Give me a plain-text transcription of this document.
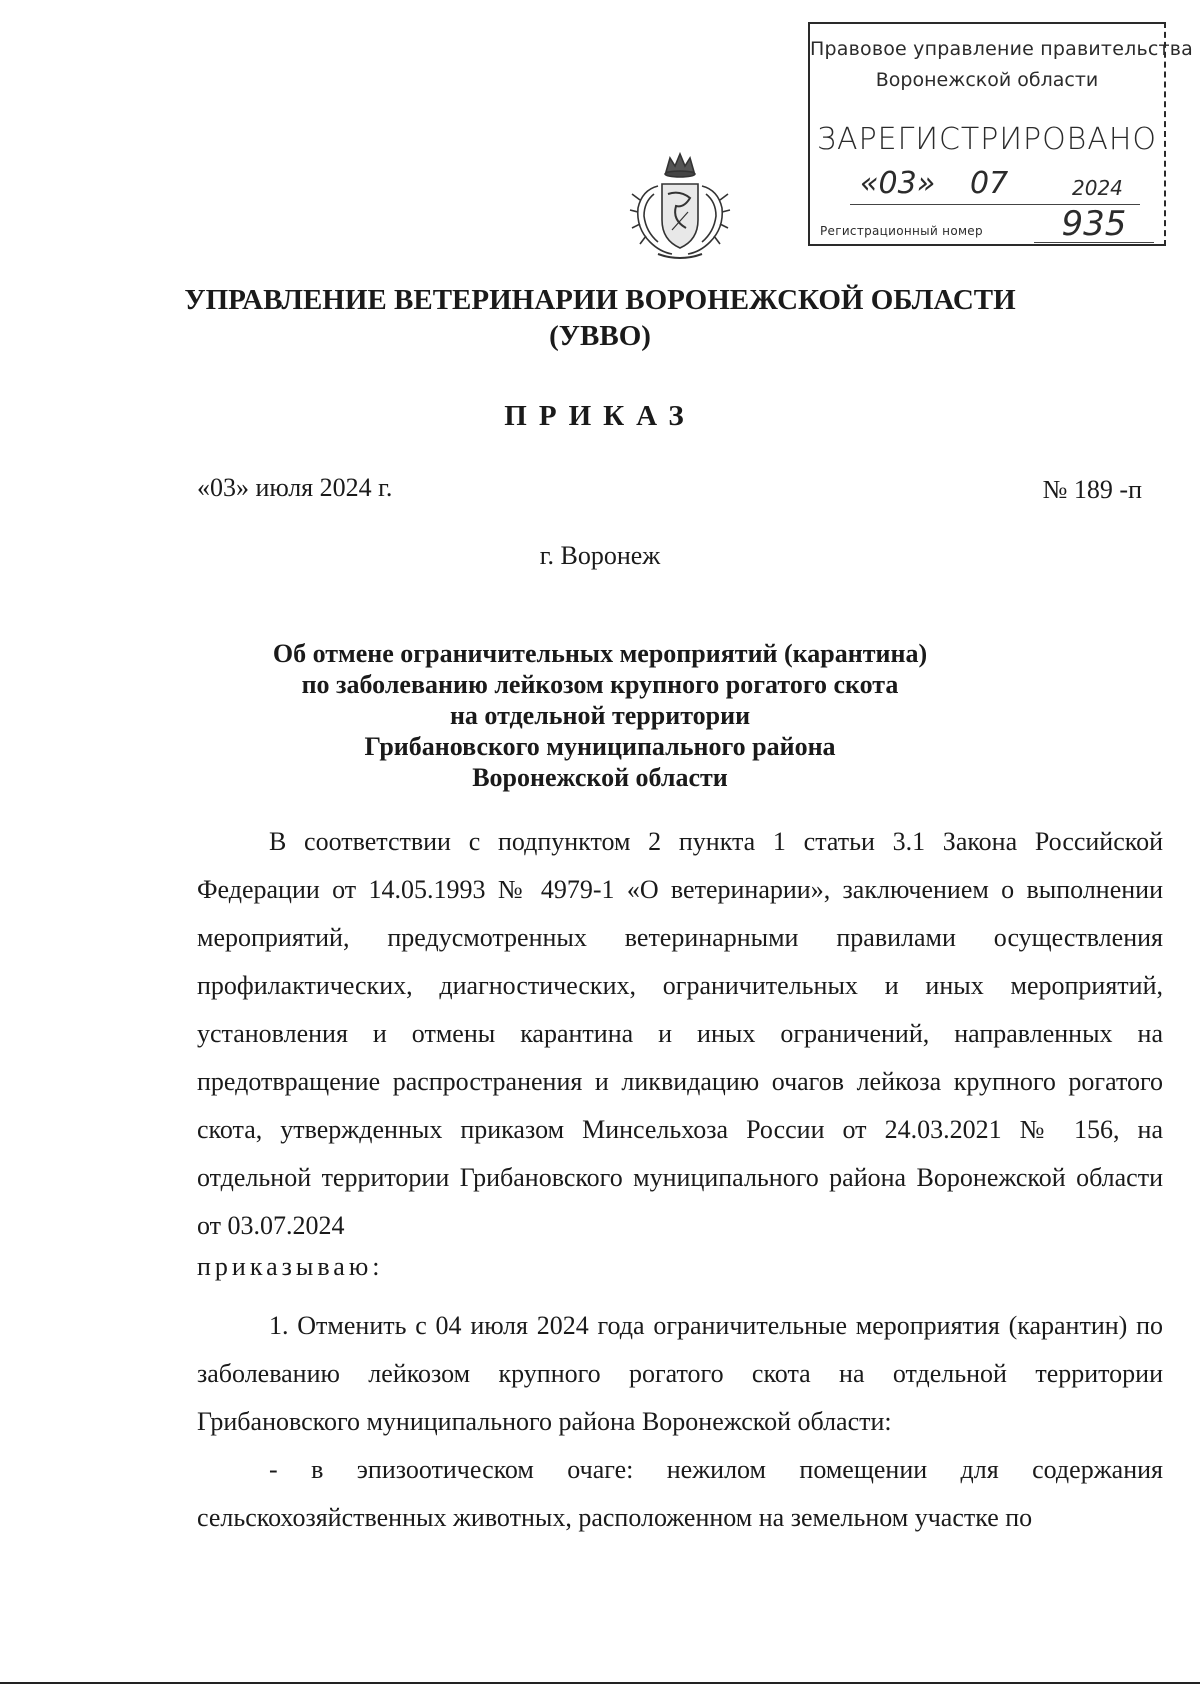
Правовое управление правительства
Воронежской области
ЗАРЕГИСТРИРОВАНО
«03» 07	2024
Регистрационный номер	935
УПРАВЛЕНИЕ ВЕТЕРИНАРИИ ВОРОНЕЖСКОЙ ОБЛАСТИ
(УВВО)
ПРИКАЗ
«03» июля 2024 г.	№ 189 -п
г. Воронеж
Об отмене ограничительных мероприятий (карантина)
по заболеванию лейкозом крупного рогатого скота
на отдельной территории
Грибановского муниципального района
Воронежской области
В соответствии с подпунктом 2 пункта 1 статьи 3.1 Закона Российской Федерации от 14.05.1993 № 4979-1 «О ветеринарии», заключением о выполнении мероприятий, предусмотренных ветеринарными правилами осуществления профилактических, диагностических, ограничительных и иных мероприятий, установления и отмены карантина и иных ограничений, направленных на предотвращение распространения и ликвидацию очагов лейкоза крупного рогатого скота, утвержденных приказом Минсельхоза России от 24.03.2021 № 156, на отдельной территории Грибановского муниципального района Воронежской области от 03.07.2024
приказываю:
1. Отменить с 04 июля 2024 года ограничительные мероприятия (карантин) по заболеванию лейкозом крупного рогатого скота на отдельной территории Грибановского муниципального района Воронежской области:
- в эпизоотическом очаге: нежилом помещении для содержания сельскохозяйственных животных, расположенном на земельном участке по
